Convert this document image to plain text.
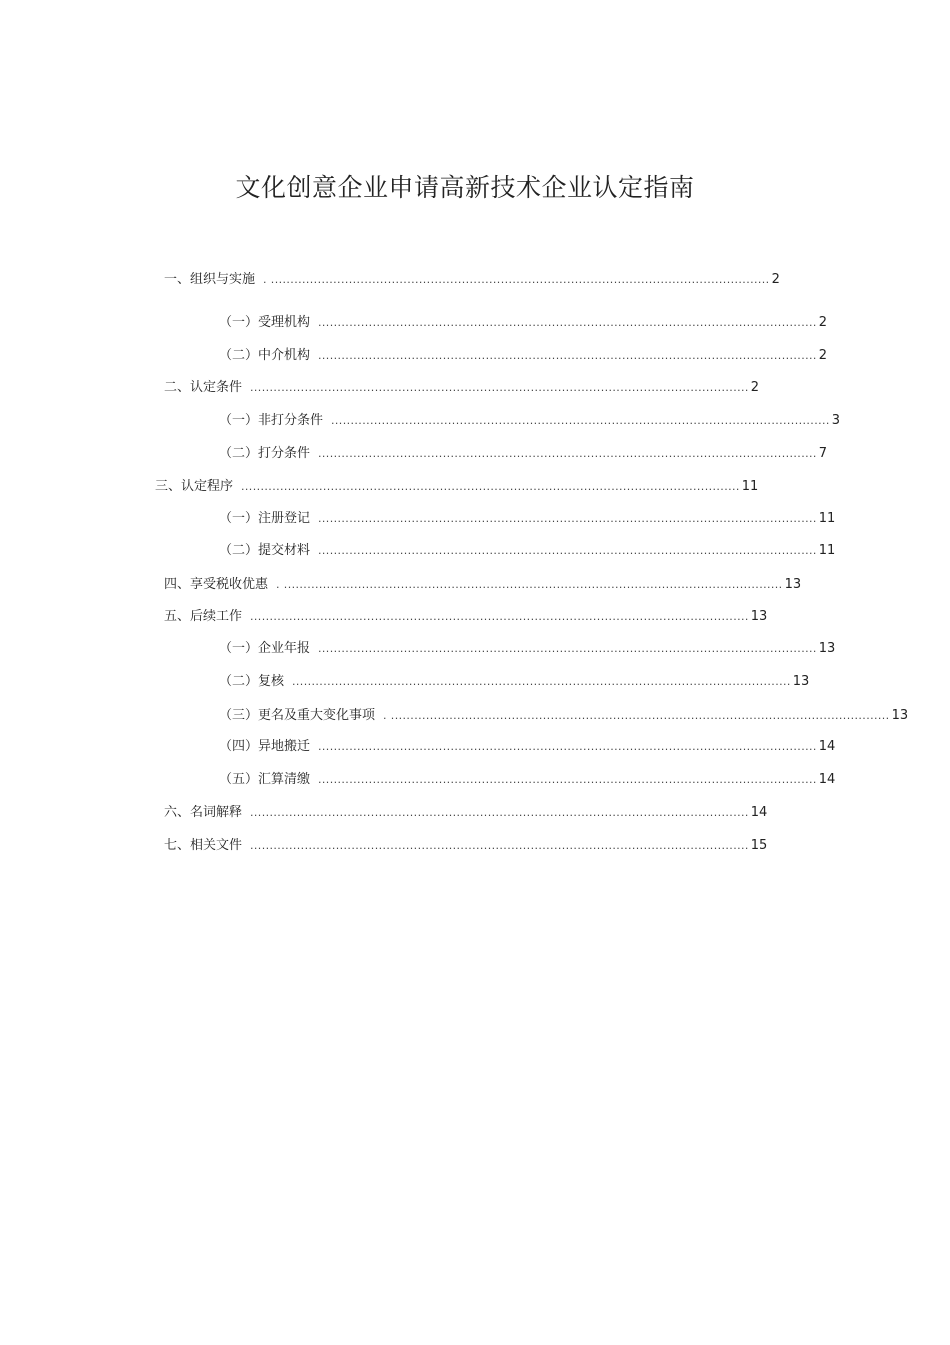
文化创意企业申请高新技术企业认定指南
一、组织与实施 . ................................................................................................................................ 2
（一）受理机构 ................................................................................................................................ 2
（二）中介机构 ................................................................................................................................ 2
二、认定条件 ................................................................................................................................ 2
（一）非打分条件 ................................................................................................................................ 3
（二）打分条件 ................................................................................................................................ 7
三、认定程序 ................................................................................................................................ 11
（一）注册登记 ................................................................................................................................ 11
（二）提交材料 ................................................................................................................................ 11
四、享受税收优惠 . ................................................................................................................................ 13
五、后续工作 ................................................................................................................................ 13
（一）企业年报 ................................................................................................................................ 13
（二）复核 ................................................................................................................................ 13
（三）更名及重大变化事项 . ................................................................................................................................ 13
（四）异地搬迁 ................................................................................................................................ 14
（五）汇算清缴 ................................................................................................................................ 14
六、名词解释 ................................................................................................................................ 14
七、相关文件 ................................................................................................................................ 15
